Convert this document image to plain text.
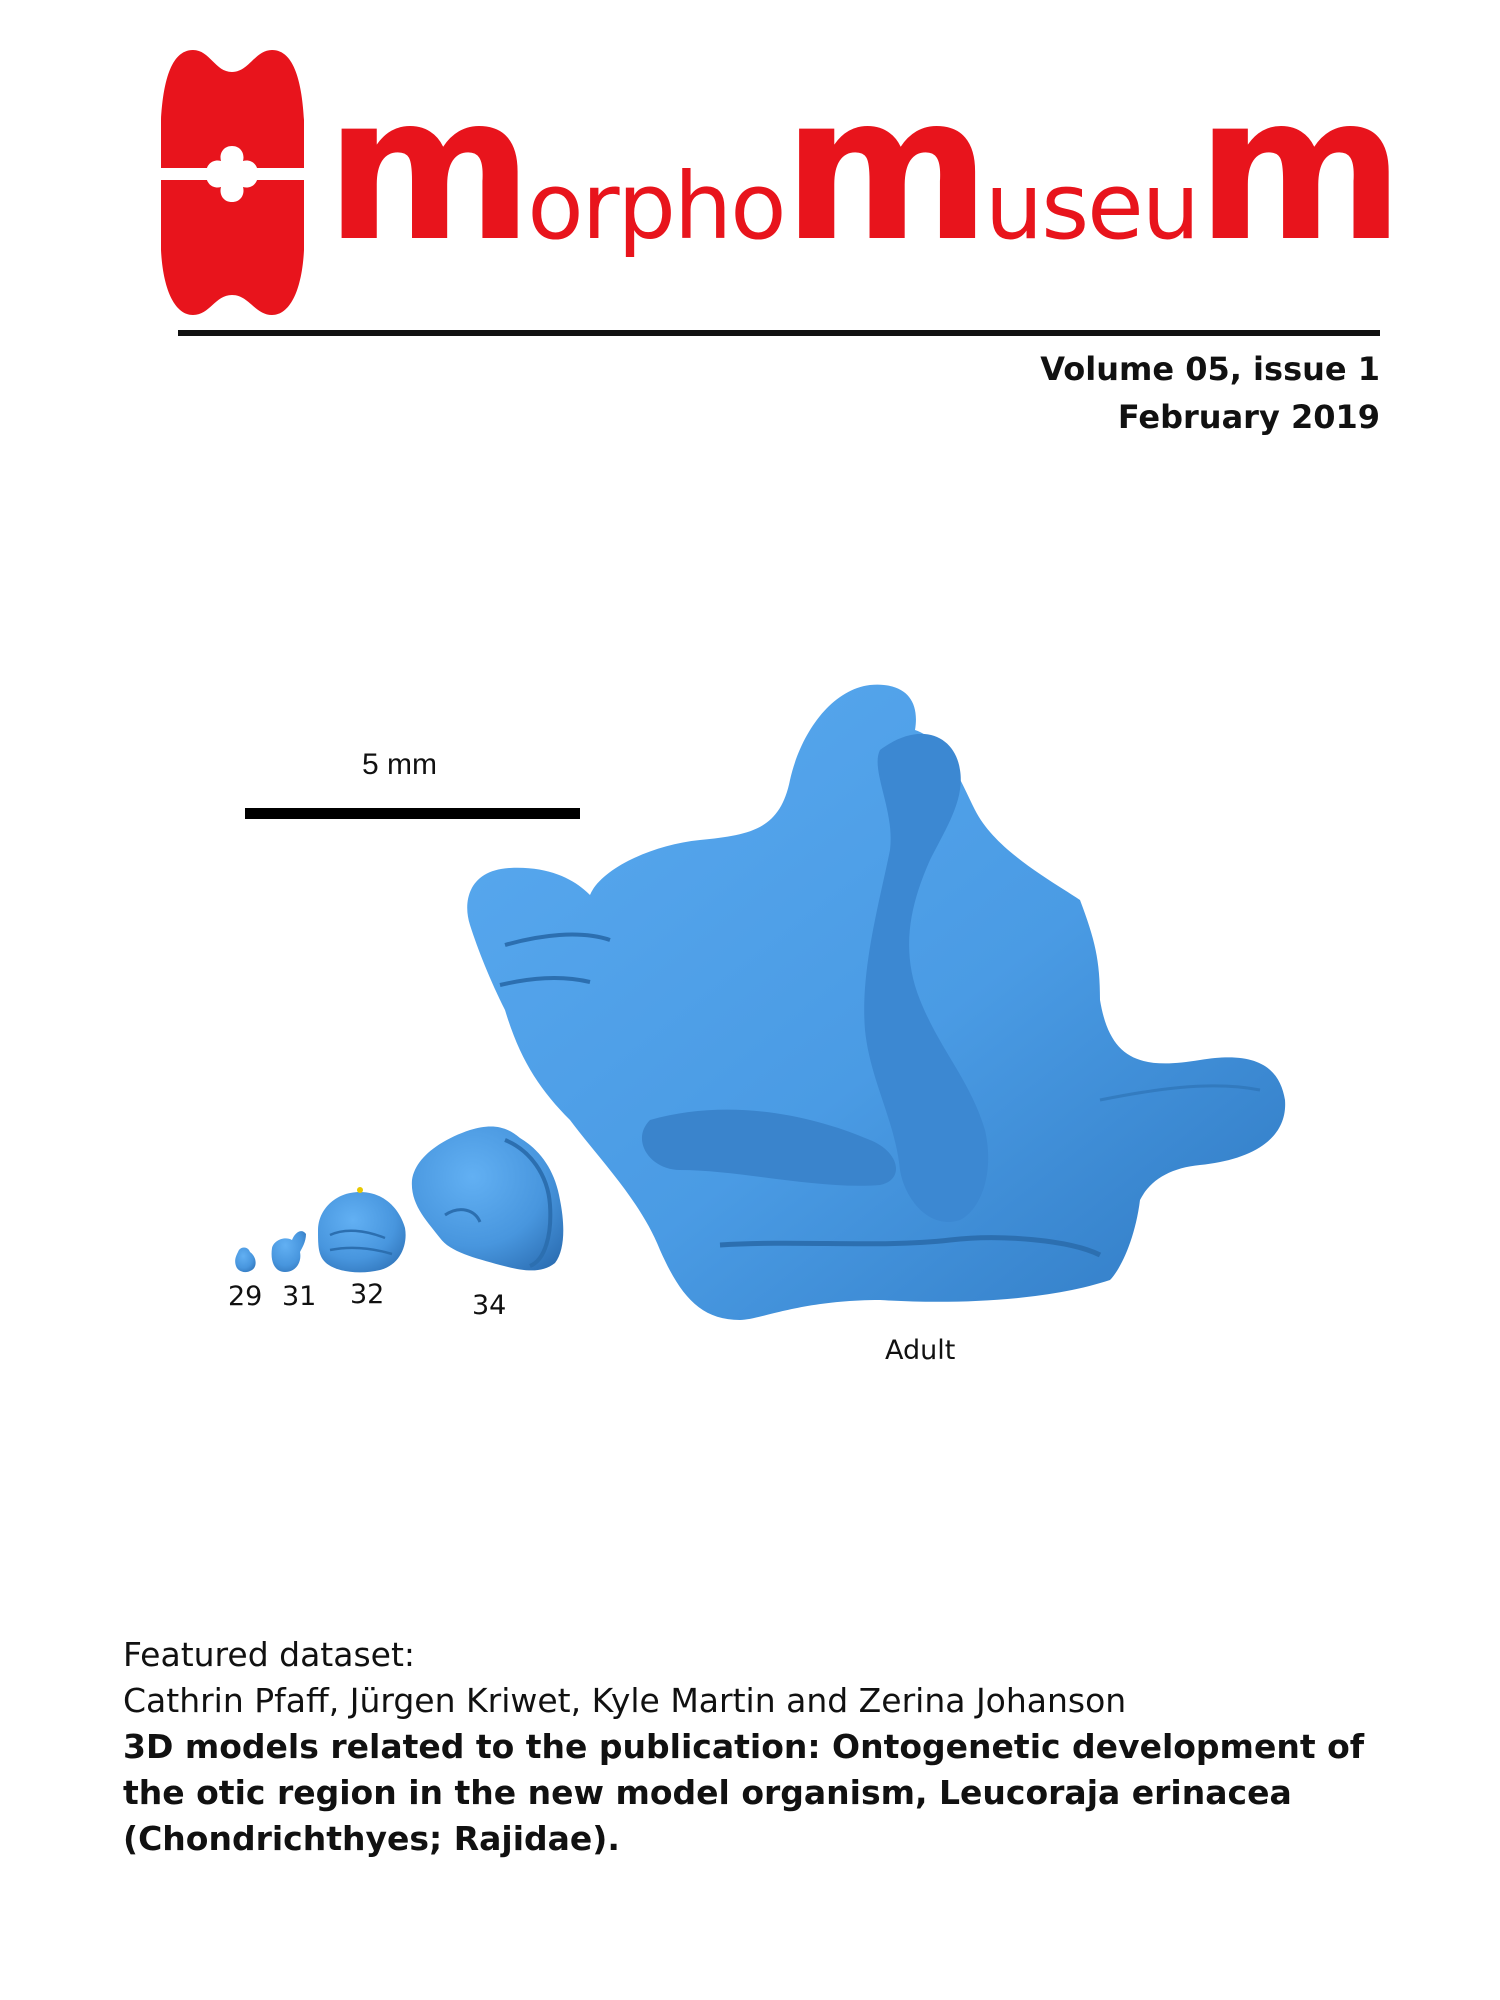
morphomuseum
Volume 05, issue 1
February 2019
5 mm
29 31 32	34
Adult
Featured dataset:
Cathrin Pfaff, Jürgen Kriwet, Kyle Martin and Zerina Johanson
3D models related to the publication: Ontogenetic development of the otic region in the new model organism, Leucoraja erinacea (Chondrichthyes; Rajidae).
